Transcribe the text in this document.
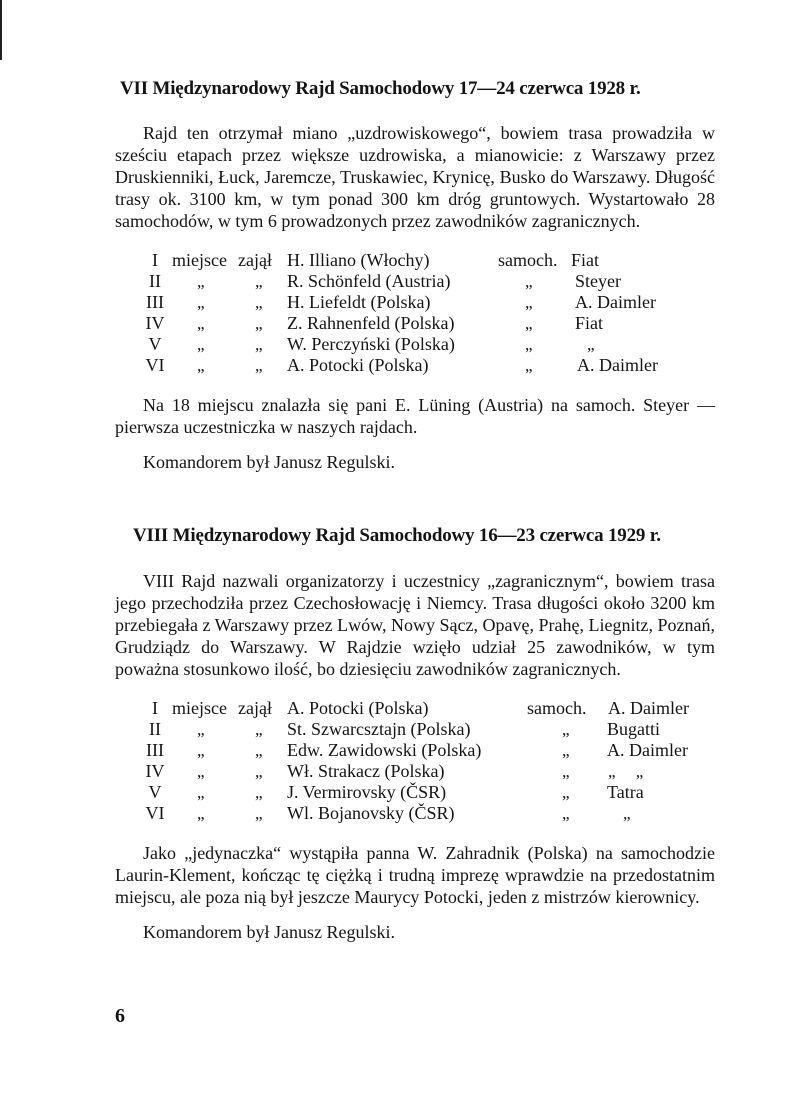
VII Międzynarodowy Rajd Samochodowy 17—24 czerwca 1928 r.

Rajd ten otrzymał miano „uzdrowiskowego“, bowiem trasa prowadziła w sześciu etapach przez większe uzdrowiska, a mianowicie: z Warszawy przez Druskienniki, Łuck, Jaremcze, Truskawiec, Krynicę, Busko do Warszawy. Długość trasy ok. 3100 km, w tym ponad 300 km dróg gruntowych. Wystartowało 28 samochodów, w tym 6 prowadzonych przez zawodników zagranicznych.

I miejsce zajął H. Illiano (Włochy)	samoch. Fiat
II	„	„ R. Schönfeld (Austria)	„ Steyer
III	„	„ H. Liefeldt (Polska)	„ A. Daimler
IV	„	„ Z. Rahnenfeld (Polska)	„ Fiat
V	„	„ W. Perczyński (Polska)	„	„
VI	„	„ A. Potocki (Polska)	„ A. Daimler

Na 18 miejscu znalazła się pani E. Lüning (Austria) na samoch. Steyer — pierwsza uczestniczka w naszych rajdach.

Komandorem był Janusz Regulski.

VIII Międzynarodowy Rajd Samochodowy 16—23 czerwca 1929 r.

VIII Rajd nazwali organizatorzy i uczestnicy „zagranicznym“, bowiem trasa jego przechodziła przez Czechosłowację i Niemcy. Trasa długości około 3200 km przebiegała z Warszawy przez Lwów, Nowy Sącz, Opavę, Prahę, Liegnitz, Poznań, Grudziądz do Warszawy. W Rajdzie wzięło udział 25 zawodników, w tym poważna stosunkowo ilość, bo dziesięciu zawodników zagranicznych.

I miejsce zajął A. Potocki (Polska)	samoch. A. Daimler
II	„	„ St. Szwarcsztajn (Polska)	„ Bugatti
III	„	„ Edw. Zawidowski (Polska)	„ A. Daimler
IV	„	„ Wł. Strakacz (Polska)	„ „ „
V	„	„ J. Vermirovsky (ČSR)	„ Tatra
VI	„	„ Wl. Bojanovsky (ČSR)	„	„

Jako „jedynaczka“ wystąpiła panna W. Zahradnik (Polska) na samochodzie Laurin-Klement, kończąc tę ciężką i trudną imprezę wprawdzie na przedostatnim miejscu, ale poza nią był jeszcze Maurycy Potocki, jeden z mistrzów kierownicy.

Komandorem był Janusz Regulski.

6
